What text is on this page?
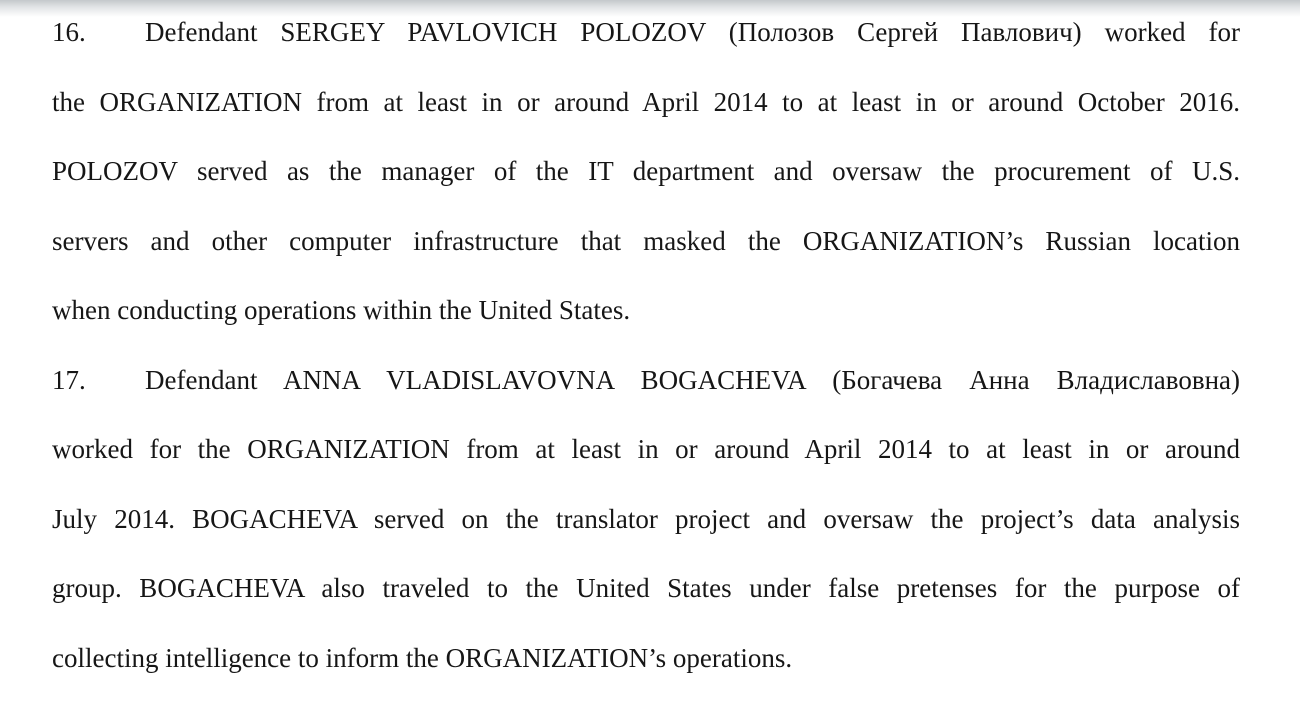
16. Defendant SERGEY PAVLOVICH POLOZOV (Полозов Сергей Павлович) worked for
the ORGANIZATION from at least in or around April 2014 to at least in or around October 2016.
POLOZOV served as the manager of the IT department and oversaw the procurement of U.S.
servers and other computer infrastructure that masked the ORGANIZATION’s Russian location
when conducting operations within the United States.
17. Defendant ANNA VLADISLAVOVNA BOGACHEVA (Богачева Анна Владиславовна)
worked for the ORGANIZATION from at least in or around April 2014 to at least in or around
July 2014. BOGACHEVA served on the translator project and oversaw the project’s data analysis
group. BOGACHEVA also traveled to the United States under false pretenses for the purpose of
collecting intelligence to inform the ORGANIZATION’s operations.
